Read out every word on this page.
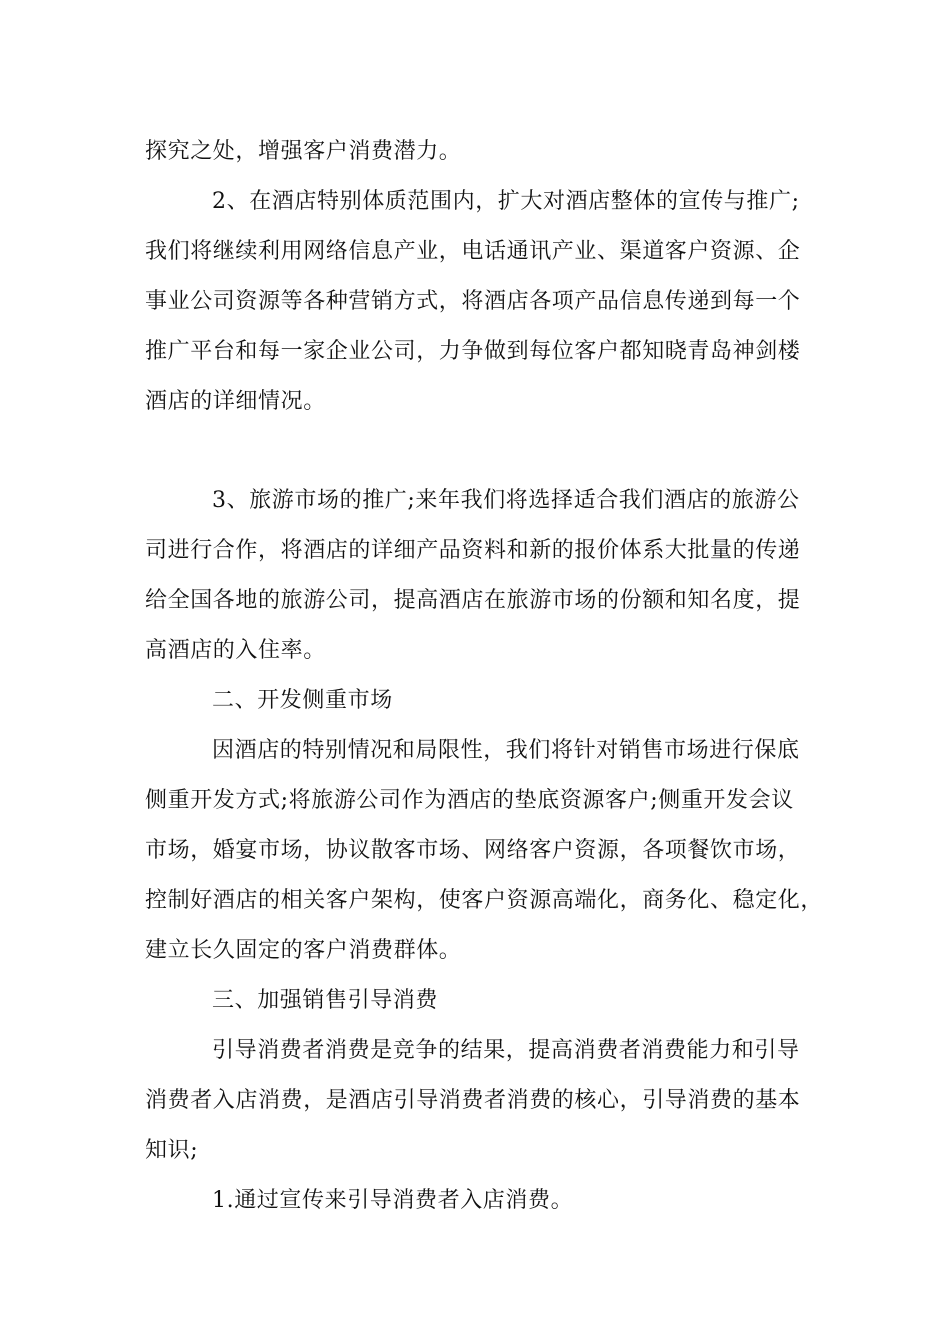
探究之处，增强客户消费潜力。
2、在酒店特别体质范围内，扩大对酒店整体的宣传与推广;
我们将继续利用网络信息产业，电话通讯产业、渠道客户资源、企
事业公司资源等各种营销方式，将酒店各项产品信息传递到每一个
推广平台和每一家企业公司，力争做到每位客户都知晓青岛神剑楼
酒店的详细情况。
3、旅游市场的推广;来年我们将选择适合我们酒店的旅游公
司进行合作，将酒店的详细产品资料和新的报价体系大批量的传递
给全国各地的旅游公司，提高酒店在旅游市场的份额和知名度，提
高酒店的入住率。
二、开发侧重市场
因酒店的特别情况和局限性，我们将针对销售市场进行保底
侧重开发方式;将旅游公司作为酒店的垫底资源客户;侧重开发会议
市场，婚宴市场，协议散客市场、网络客户资源，各项餐饮市场，
控制好酒店的相关客户架构，使客户资源高端化，商务化、稳定化，
建立长久固定的客户消费群体。
三、加强销售引导消费
引导消费者消费是竞争的结果，提高消费者消费能力和引导
消费者入店消费，是酒店引导消费者消费的核心，引导消费的基本
知识;
1.通过宣传来引导消费者入店消费。
